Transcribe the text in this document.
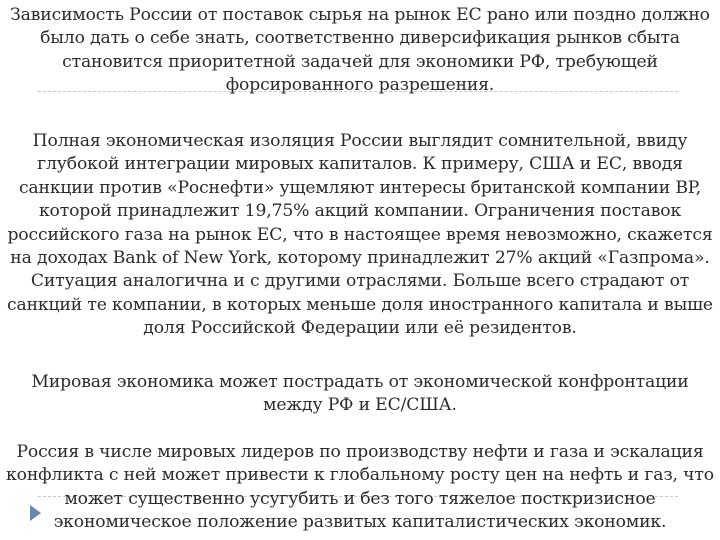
Зависимость России от поставок сырья на рынок ЕС рано или поздно должно было дать о себе знать, соответственно диверсификация рынков сбыта становится приоритетной задачей для экономики РФ, требующей форсированного разрешения.

Полная экономическая изоляция России выглядит сомнительной, ввиду глубокой интеграции мировых капиталов. К примеру, США и ЕС, вводя санкции против «Роснефти» ущемляют интересы британской компании BP, которой принадлежит 19,75% акций компании. Ограничения поставок российского газа на рынок ЕС, что в настоящее время невозможно, скажется на доходах Bank of New York, которому принадлежит 27% акций «Газпрома». Ситуация аналогична и с другими отраслями. Больше всего страдают от санкций те компании, в которых меньше доля иностранного капитала и выше доля Российской Федерации или её резидентов.

Мировая экономика может пострадать от экономической конфронтации между РФ и ЕС/США.

Россия в числе мировых лидеров по производству нефти и газа и эскалация конфликта с ней может привести к глобальному росту цен на нефть и газ, что может существенно усугубить и без того тяжелое посткризисное экономическое положение развитых капиталистических экономик.
